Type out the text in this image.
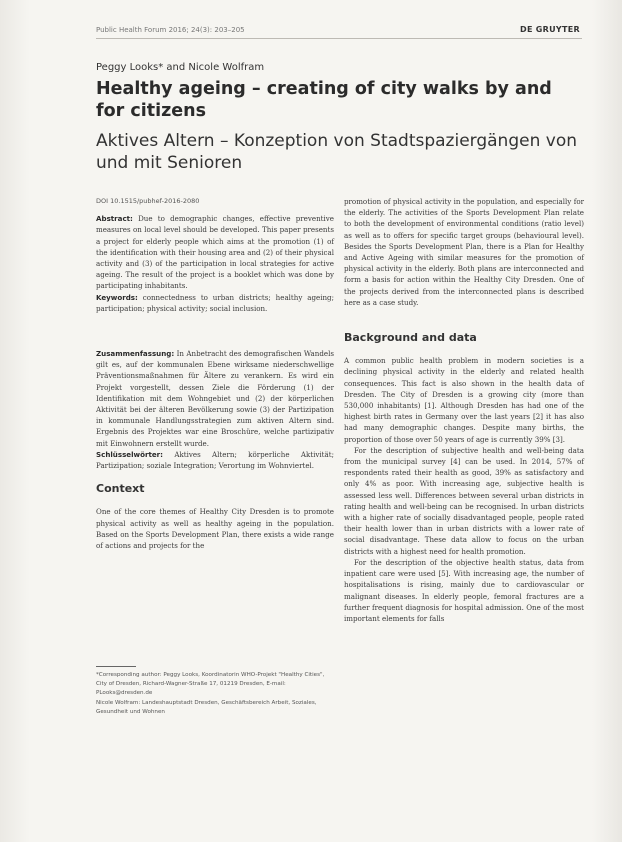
Public Health Forum 2016; 24(3): 203–205	DE GRUYTER
Peggy Looks* and Nicole Wolfram
Healthy ageing – creating of city walks by and for citizens
Aktives Altern – Konzeption von Stadtspaziergängen von und mit Senioren
DOI 10.1515/pubhef-2016-2080

Abstract: Due to demographic changes, effective preventive measures on local level should be developed. This paper presents a project for elderly people which aims at the promotion (1) of the identification with their housing area and (2) of their physical activity and (3) of the participation in local strategies for active ageing. The result of the project is a booklet which was done by participating inhabitants.

Keywords: connectedness to urban districts; healthy ageing; participation; physical activity; social inclusion.

Zusammenfassung: In Anbetracht des demografischen Wandels gilt es, auf der kommunalen Ebene wirksame niederschwellige Präventionsmaßnahmen für Ältere zu verankern. Es wird ein Projekt vorgestellt, dessen Ziele die Förderung (1) der Identifikation mit dem Wohngebiet und (2) der körperlichen Aktivität bei der älteren Bevölkerung sowie (3) der Partizipation in kommunale Handlungsstrategien zum aktiven Altern sind. Ergebnis des Projektes war eine Broschüre, welche partizipativ mit Einwohnern erstellt wurde.

Schlüsselwörter: Aktives Altern; körperliche Aktivität; Partizipation; soziale Integration; Verortung im Wohnviertel.

Context

One of the core themes of Healthy City Dresden is to promote physical activity as well as healthy ageing in the population. Based on the Sports Development Plan, there exists a wide range of actions and projects for the

promotion of physical activity in the population, and especially for the elderly. The activities of the Sports Development Plan relate to both the development of environmental conditions (ratio level) as well as to offers for specific target groups (behavioural level). Besides the Sports Development Plan, there is a Plan for Healthy and Active Ageing with similar measures for the promotion of physical activity in the elderly. Both plans are interconnected and form a basis for action within the Healthy City Dresden. One of the projects derived from the interconnected plans is described here as a case study.

Background and data

A common public health problem in modern societies is a declining physical activity in the elderly and related health consequences. This fact is also shown in the health data of Dresden. The City of Dresden is a growing city (more than 530,000 inhabitants) [1]. Although Dresden has had one of the highest birth rates in Germany over the last years [2] it has also had many demographic changes. Despite many births, the proportion of those over 50 years of age is currently 39% [3].

For the description of subjective health and well-being data from the municipal survey [4] can be used. In 2014, 57% of respondents rated their health as good, 39% as satisfactory and only 4% as poor. With increasing age, subjective health is assessed less well. Differences between several urban districts in rating health and well-being can be recognised. In urban districts with a higher rate of socially disadvantaged people, people rated their health lower than in urban districts with a lower rate of social disadvantage. These data allow to focus on the urban districts with a highest need for health promotion.

For the description of the objective health status, data from inpatient care were used [5]. With increasing age, the number of hospitalisations is rising, mainly due to cardiovascular or malignant diseases. In elderly people, femoral fractures are a further frequent diagnosis for hospital admission. One of the most important elements for falls

*Corresponding author: Peggy Looks, Koordinatorin WHO-Projekt "Healthy Cities", City of Dresden, Richard-Wagner-Straße 17, 01219 Dresden, E-mail: PLooks@dresden.de

Nicole Wolfram: Landeshauptstadt Dresden, Geschäftsbereich Arbeit, Soziales, Gesundheit und Wohnen
